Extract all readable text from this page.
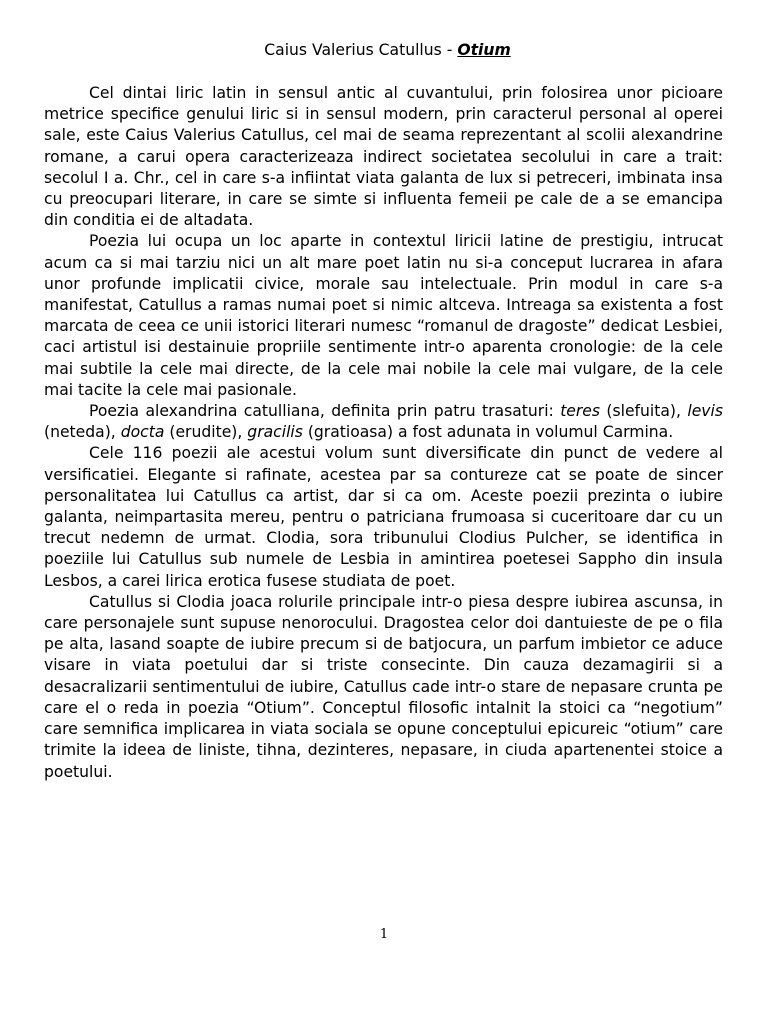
Caius Valerius Catullus - Otium

Cel dintai liric latin in sensul antic al cuvantului, prin folosirea unor picioare metrice specifice genului liric si in sensul modern, prin caracterul personal al operei sale, este Caius Valerius Catullus, cel mai de seama reprezentant al scolii alexandrine romane, a carui opera caracterizeaza indirect societatea secolului in care a trait: secolul I a. Chr., cel in care s-a infiintat viata galanta de lux si petreceri, imbinata insa cu preocupari literare, in care se simte si influenta femeii pe cale de a se emancipa din conditia ei de altadata.

Poezia lui ocupa un loc aparte in contextul liricii latine de prestigiu, intrucat acum ca si mai tarziu nici un alt mare poet latin nu si-a conceput lucrarea in afara unor profunde implicatii civice, morale sau intelectuale. Prin modul in care s-a manifestat, Catullus a ramas numai poet si nimic altceva. Intreaga sa existenta a fost marcata de ceea ce unii istorici literari numesc “romanul de dragoste” dedicat Lesbiei, caci artistul isi destainuie propriile sentimente intr-o aparenta cronologie: de la cele mai subtile la cele mai directe, de la cele mai nobile la cele mai vulgare, de la cele mai tacite la cele mai pasionale.

Poezia alexandrina catulliana, definita prin patru trasaturi: teres (slefuita), levis (neteda), docta (erudite), gracilis (gratioasa) a fost adunata in volumul Carmina.

Cele 116 poezii ale acestui volum sunt diversificate din punct de vedere al versificatiei. Elegante si rafinate, acestea par sa contureze cat se poate de sincer personalitatea lui Catullus ca artist, dar si ca om. Aceste poezii prezinta o iubire galanta, neimpartasita mereu, pentru o patriciana frumoasa si cuceritoare dar cu un trecut nedemn de urmat. Clodia, sora tribunului Clodius Pulcher, se identifica in poeziile lui Catullus sub numele de Lesbia in amintirea poetesei Sappho din insula Lesbos, a carei lirica erotica fusese studiata de poet.

Catullus si Clodia joaca rolurile principale intr-o piesa despre iubirea ascunsa, in care personajele sunt supuse nenorocului. Dragostea celor doi dantuieste de pe o fila pe alta, lasand soapte de iubire precum si de batjocura, un parfum imbietor ce aduce visare in viata poetului dar si triste consecinte. Din cauza dezamagirii si a desacralizarii sentimentului de iubire, Catullus cade intr-o stare de nepasare crunta pe care el o reda in poezia “Otium”. Conceptul filosofic intalnit la stoici ca “negotium” care semnifica implicarea in viata sociala se opune conceptului epicureic “otium” care trimite la ideea de liniste, tihna, dezinteres, nepasare, in ciuda apartenentei stoice a poetului.

1
